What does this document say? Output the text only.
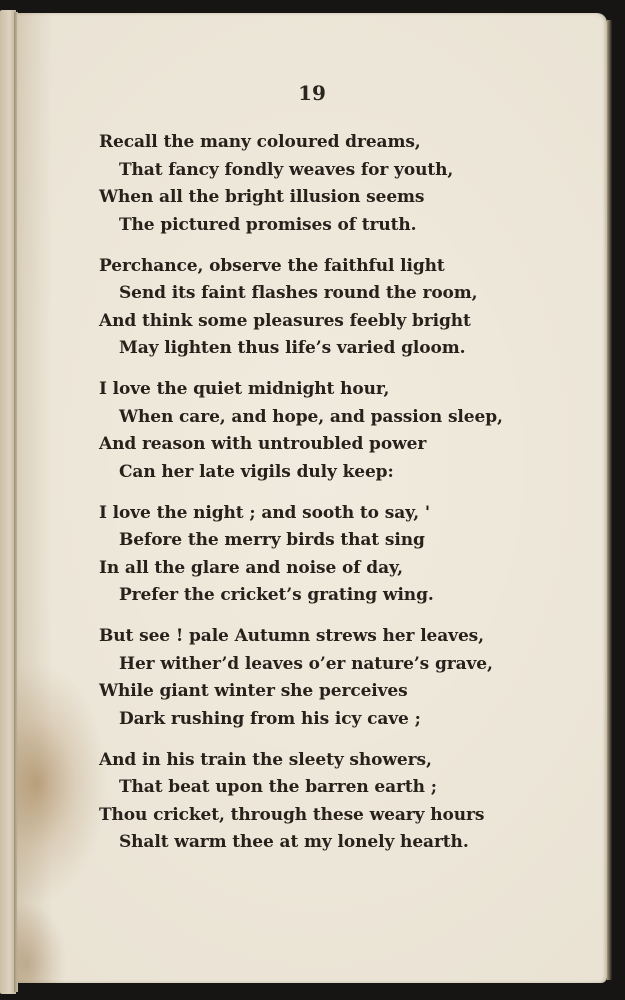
19
Recall the many coloured dreams,
That fancy fondly weaves for youth,
When all the bright illusion seems
The pictured promises of truth.
Perchance, observe the faithful light
Send its faint flashes round the room,
And think some pleasures feebly bright
May lighten thus life’s varied gloom.
I love the quiet midnight hour,
When care, and hope, and passion sleep,
And reason with untroubled power
Can her late vigils duly keep:
I love the night ; and sooth to say, '
Before the merry birds that sing
In all the glare and noise of day,
Prefer the cricket’s grating wing.
But see ! pale Autumn strews her leaves,
Her wither’d leaves o’er nature’s grave,
While giant winter she perceives
Dark rushing from his icy cave ;
And in his train the sleety showers,
That beat upon the barren earth ;
Thou cricket, through these weary hours
Shalt warm thee at my lonely hearth.
